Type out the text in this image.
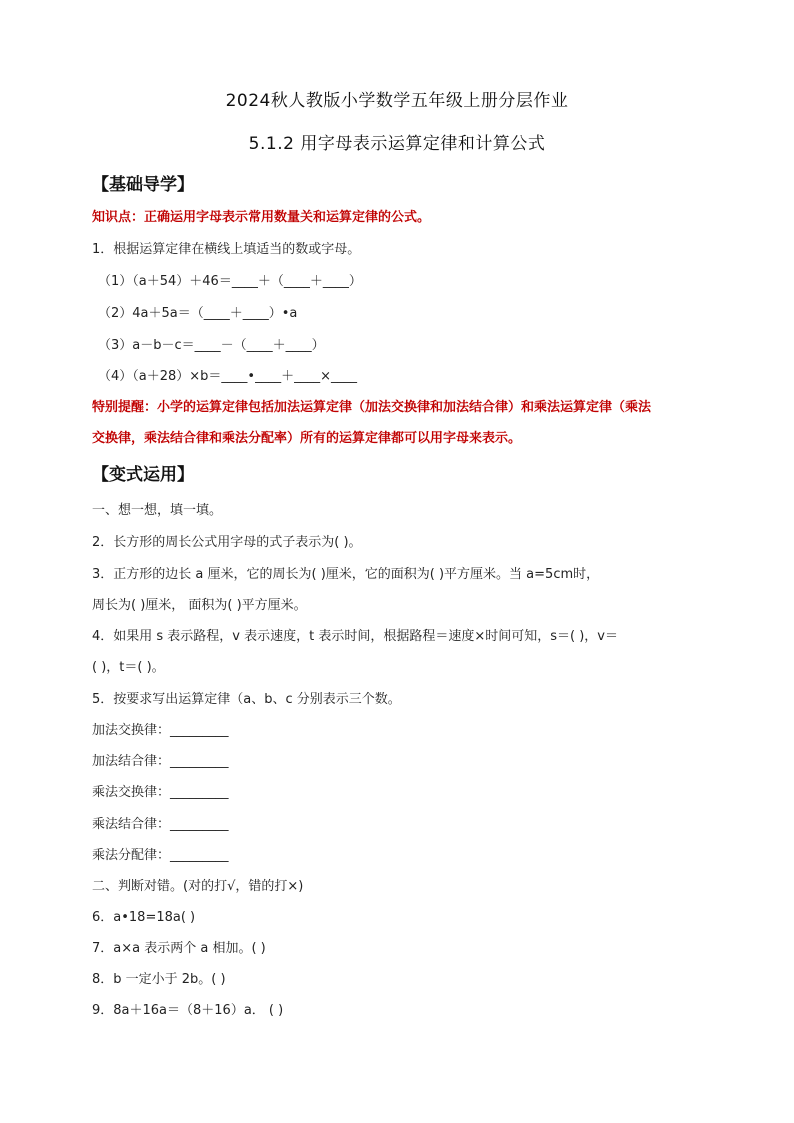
2024秋人教版小学数学五年级上册分层作业
5.1.2 用字母表示运算定律和计算公式
【基础导学】
知识点：正确运用字母表示常用数量关和运算定律的公式。
1．根据运算定律在横线上填适当的数或字母。
（1）（a＋54）＋46＝____＋（____＋____）
（2）4a＋5a＝（____＋____）•a
（3）a－b－c＝____－（____＋____）
（4）（a＋28）×b＝____•____＋____×____
特别提醒：小学的运算定律包括加法运算定律（加法交换律和加法结合律）和乘法运算定律（乘法
交换律，乘法结合律和乘法分配率）所有的运算定律都可以用字母来表示。
【变式运用】
一、想一想，填一填。
2．长方形的周长公式用字母的式子表示为( )。
3．正方形的边长 a 厘米，它的周长为( )厘米，它的面积为( )平方厘米。当 a=5cm时，
周长为( )厘米， 面积为( )平方厘米。
4．如果用 s 表示路程，v 表示速度，t 表示时间，根据路程＝速度×时间可知，s＝( )，v＝
( )，t＝( )。
5．按要求写出运算定律（a、b、c 分别表示三个数。
加法交换律：_________
加法结合律：_________
乘法交换律：_________
乘法结合律：_________
乘法分配律：_________
二、判断对错。(对的打√，错的打×)
6．a•18=18a( )
7．a×a 表示两个 a 相加。( )
8．b 一定小于 2b。( )
9．8a＋16a＝（8＋16）a． ( )
